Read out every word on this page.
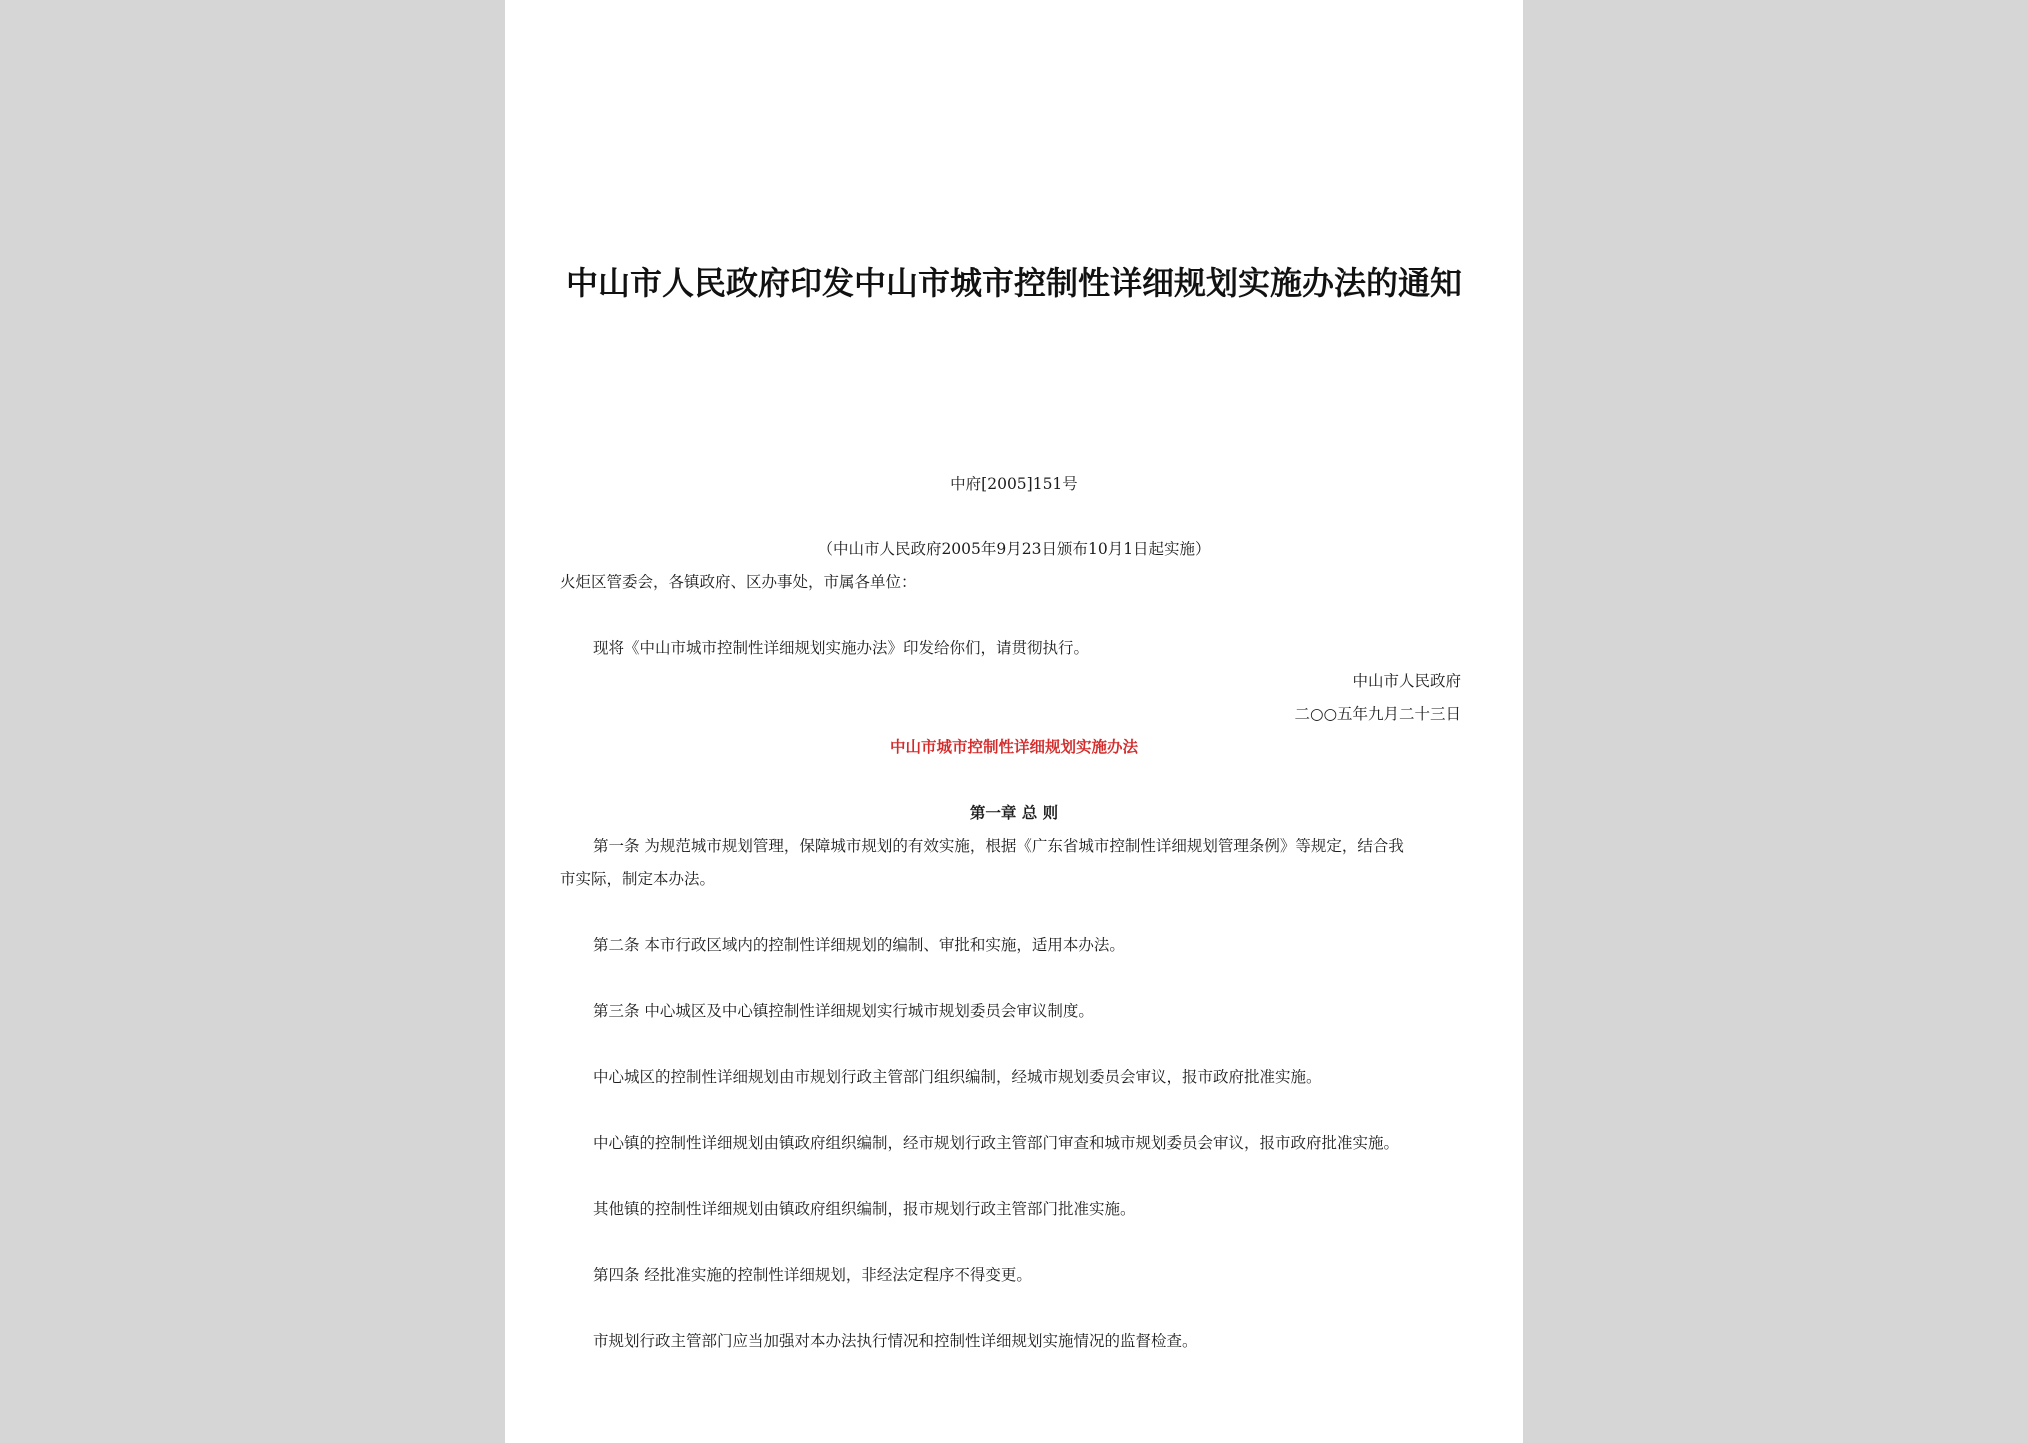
中山市人民政府印发中山市城市控制性详细规划实施办法的通知
中府[2005]151号
（中山市人民政府2005年9月23日颁布10月1日起实施）
火炬区管委会，各镇政府、区办事处，市属各单位：
现将《中山市城市控制性详细规划实施办法》印发给你们，请贯彻执行。
中山市人民政府
二○○五年九月二十三日
中山市城市控制性详细规划实施办法
第一章 总 则
第一条 为规范城市规划管理，保障城市规划的有效实施，根据《广东省城市控制性详细规划管理条例》等规定，结合我
市实际，制定本办法。
第二条 本市行政区域内的控制性详细规划的编制、审批和实施，适用本办法。
第三条 中心城区及中心镇控制性详细规划实行城市规划委员会审议制度。
中心城区的控制性详细规划由市规划行政主管部门组织编制，经城市规划委员会审议，报市政府批准实施。
中心镇的控制性详细规划由镇政府组织编制，经市规划行政主管部门审查和城市规划委员会审议，报市政府批准实施。
其他镇的控制性详细规划由镇政府组织编制，报市规划行政主管部门批准实施。
第四条 经批准实施的控制性详细规划，非经法定程序不得变更。
市规划行政主管部门应当加强对本办法执行情况和控制性详细规划实施情况的监督检查。
